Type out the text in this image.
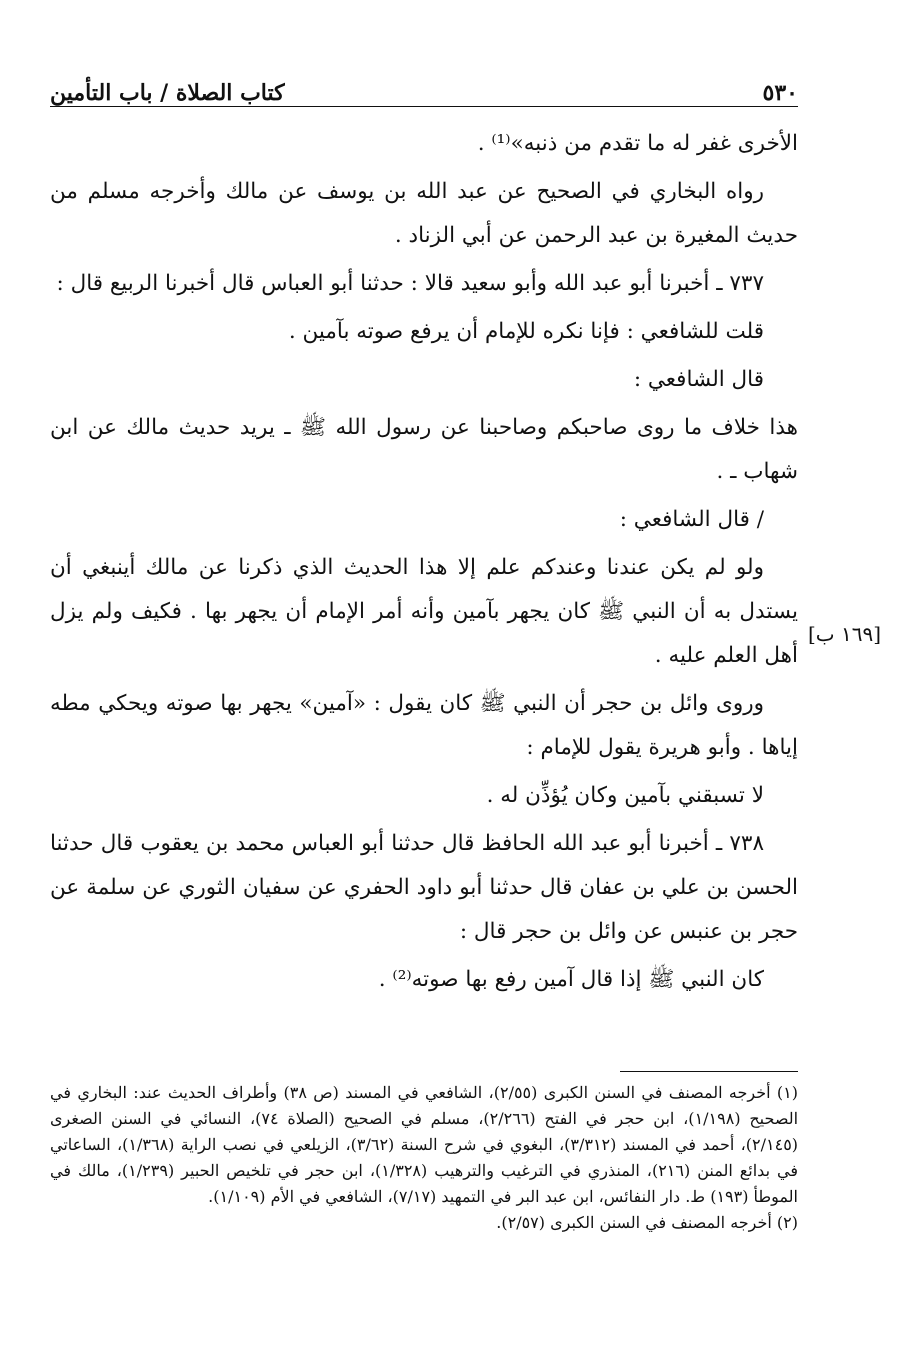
٥٣٠
كتاب الصلاة / باب التأمين
[١٦٩ ب]

الأخرى غفر له ما تقدم من ذنبه»⁽¹⁾ .

رواه البخاري في الصحيح عن عبد الله بن يوسف عن مالك وأخرجه مسلم من حديث المغيرة بن عبد الرحمن عن أبي الزناد .

٧٣٧ ـ أخبرنا أبو عبد الله وأبو سعيد قالا : حدثنا أبو العباس قال أخبرنا الربيع قال :

قلت للشافعي : فإنا نكره للإمام أن يرفع صوته بآمين .

قال الشافعي :

هذا خلاف ما روى صاحبكم وصاحبنا عن رسول الله ﷺ ـ يريد حديث مالك عن ابن شهاب ـ .

/ قال الشافعي :

ولو لم يكن عندنا وعندكم علم إلا هذا الحديث الذي ذكرنا عن مالك أينبغي أن يستدل به أن النبي ﷺ كان يجهر بآمين وأنه أمر الإمام أن يجهر بها . فكيف ولم يزل أهل العلم عليه .

وروى وائل بن حجر أن النبي ﷺ كان يقول : «آمين» يجهر بها صوته ويحكي مطه إياها . وأبو هريرة يقول للإمام :

لا تسبقني بآمين وكان يُؤذِّن له .

٧٣٨ ـ أخبرنا أبو عبد الله الحافظ قال حدثنا أبو العباس محمد بن يعقوب قال حدثنا الحسن بن علي بن عفان قال حدثنا أبو داود الحفري عن سفيان الثوري عن سلمة عن حجر بن عنبس عن وائل بن حجر قال :

كان النبي ﷺ إذا قال آمين رفع بها صوته⁽²⁾ .

(١) أخرجه المصنف في السنن الكبرى (٢/٥٥)، الشافعي في المسند (ص ٣٨) وأطراف الحديث عند: البخاري في الصحيح (١/١٩٨)، ابن حجر في الفتح (٢/٢٦٦)، مسلم في الصحيح (الصلاة ٧٤)، النسائي في السنن الصغرى (٢/١٤٥)، أحمد في المسند (٣/٣١٢)، البغوي في شرح السنة (٣/٦٢)، الزيلعي في نصب الراية (١/٣٦٨)، الساعاتي في بدائع المنن (٢١٦)، المنذري في الترغيب والترهيب (١/٣٢٨)، ابن حجر في تلخيص الحبير (١/٢٣٩)، مالك في الموطأ (١٩٣) ط. دار النفائس، ابن عبد البر في التمهيد (٧/١٧)، الشافعي في الأم (١/١٠٩).

(٢) أخرجه المصنف في السنن الكبرى (٢/٥٧).
